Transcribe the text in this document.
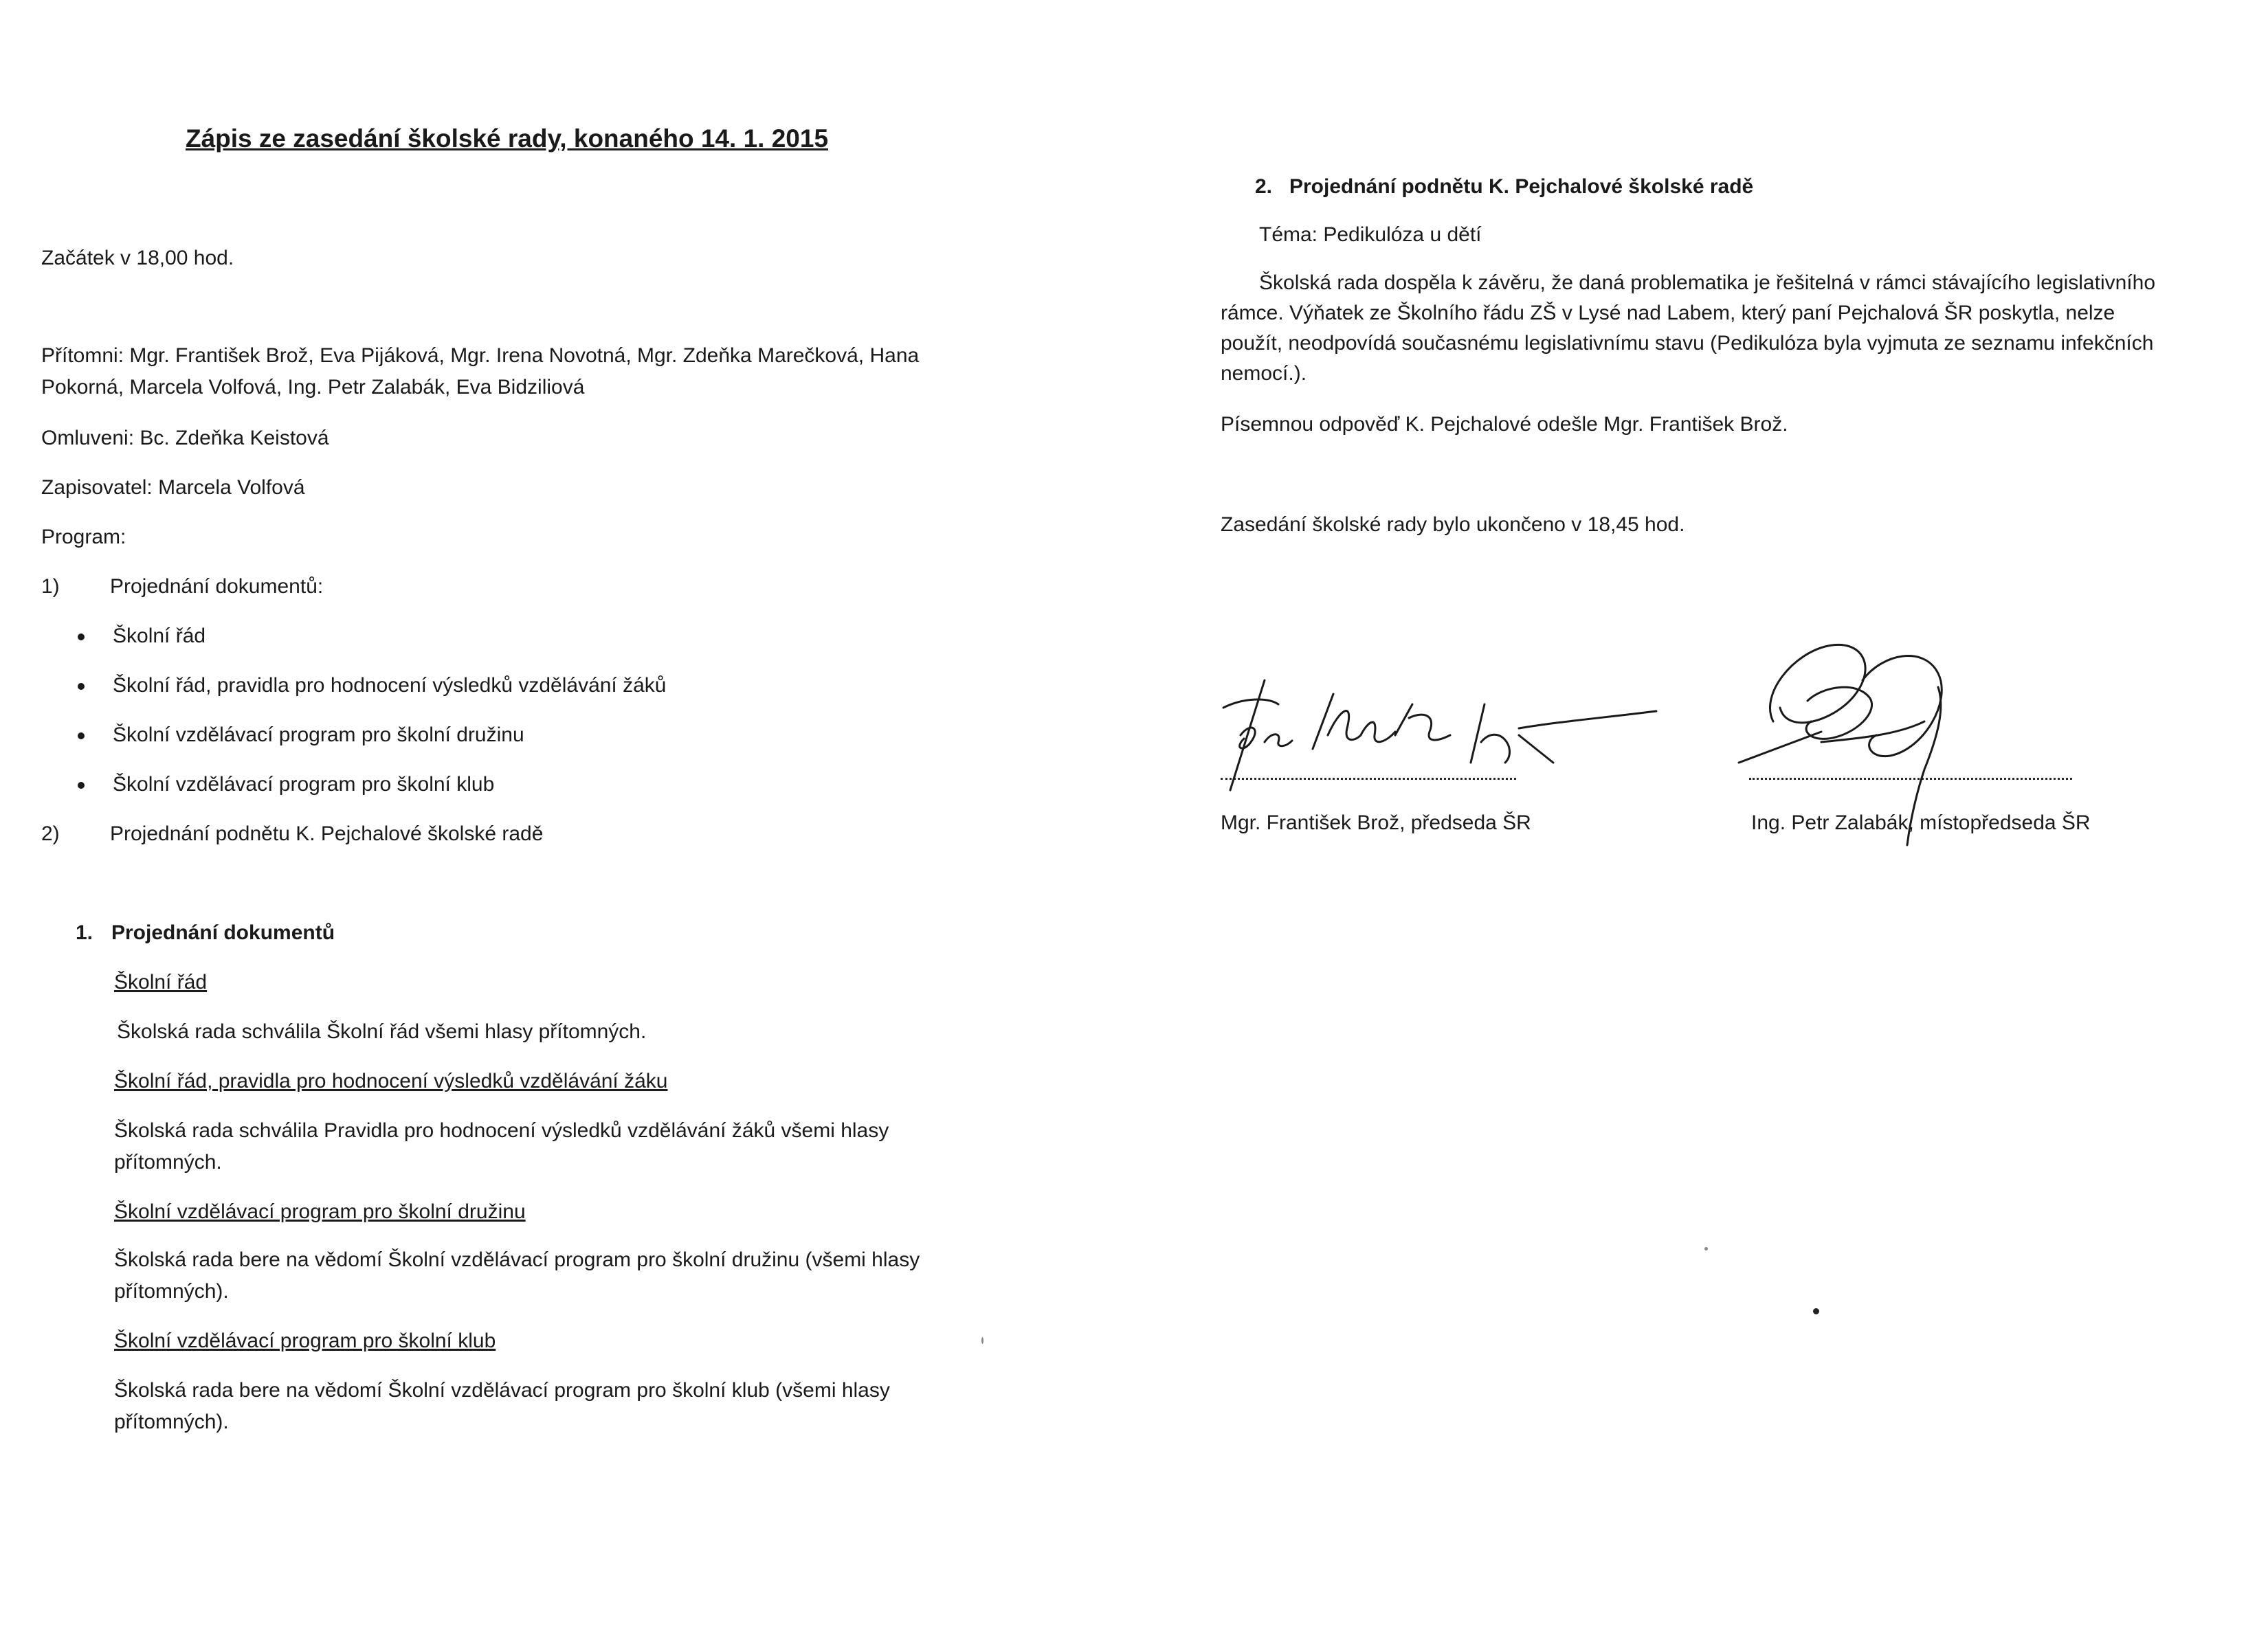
Zápis ze zasedání školské rady, konaného 14. 1. 2015
Začátek v 18,00 hod.
Přítomni: Mgr. František Brož, Eva Pijáková, Mgr. Irena Novotná, Mgr. Zdeňka Marečková, Hana
Pokorná, Marcela Volfová, Ing. Petr Zalabák, Eva Bidziliová
Omluveni: Bc. Zdeňka Keistová
Zapisovatel: Marcela Volfová
Program:
1) Projednání dokumentů:
Školní řád
Školní řád, pravidla pro hodnocení výsledků vzdělávání žáků
Školní vzdělávací program pro školní družinu
Školní vzdělávací program pro školní klub
2) Projednání podnětu K. Pejchalové školské radě
1. Projednání dokumentů
Školní řád
Školská rada schválila Školní řád všemi hlasy přítomných.
Školní řád, pravidla pro hodnocení výsledků vzdělávání žáku
Školská rada schválila Pravidla pro hodnocení výsledků vzdělávání žáků všemi hlasy
přítomných.
Školní vzdělávací program pro školní družinu
Školská rada bere na vědomí Školní vzdělávací program pro školní družinu (všemi hlasy
přítomných).
Školní vzdělávací program pro školní klub
Školská rada bere na vědomí Školní vzdělávací program pro školní klub (všemi hlasy
přítomných).
2. Projednání podnětu K. Pejchalové školské radě
Téma: Pedikulóza u dětí
Školská rada dospěla k závěru, že daná problematika je řešitelná v rámci stávajícího legislativního
rámce. Výňatek ze Školního řádu ZŠ v Lysé nad Labem, který paní Pejchalová ŠR poskytla, nelze
použít, neodpovídá současnému legislativnímu stavu (Pedikulóza byla vyjmuta ze seznamu infekčních
nemocí.).
Písemnou odpověď K. Pejchalové odešle Mgr. František Brož.
Zasedání školské rady bylo ukončeno v 18,45 hod.
Mgr. František Brož, předseda ŠR	Ing. Petr Zalabák, místopředseda ŠR
